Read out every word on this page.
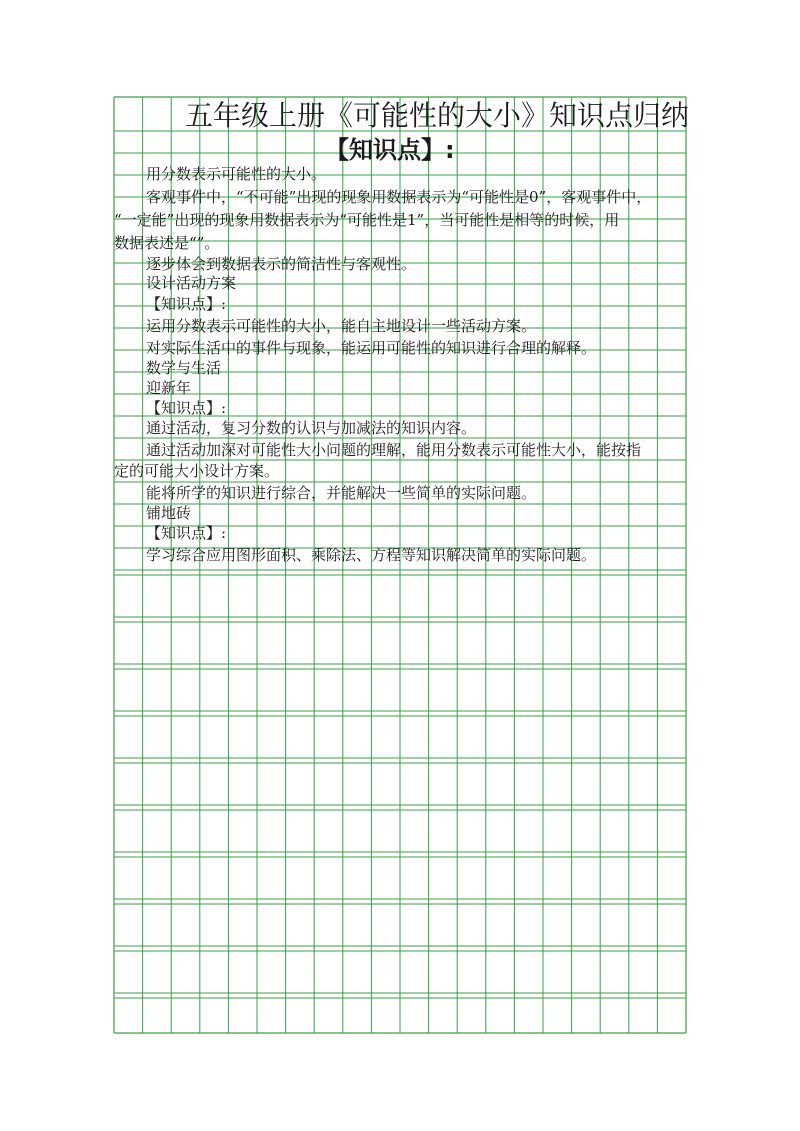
五年级上册《可能性的大小》知识点归纳
【知识点】:
用分数表示可能性的大小。
客观事件中，“不可能”出现的现象用数据表示为“可能性是0”，客观事件中，
“一定能”出现的现象用数据表示为“可能性是1”，当可能性是相等的时候，用
数据表述是“”。
逐步体会到数据表示的简洁性与客观性。
设计活动方案
【知识点】:
运用分数表示可能性的大小，能自主地设计一些活动方案。
对实际生活中的事件与现象，能运用可能性的知识进行合理的解释。
数学与生活
迎新年
【知识点】:
通过活动，复习分数的认识与加减法的知识内容。
通过活动加深对可能性大小问题的理解，能用分数表示可能性大小，能按指
定的可能大小设计方案。
能将所学的知识进行综合，并能解决一些简单的实际问题。
铺地砖
【知识点】:
学习综合应用图形面积、乘除法、方程等知识解决简单的实际问题。
